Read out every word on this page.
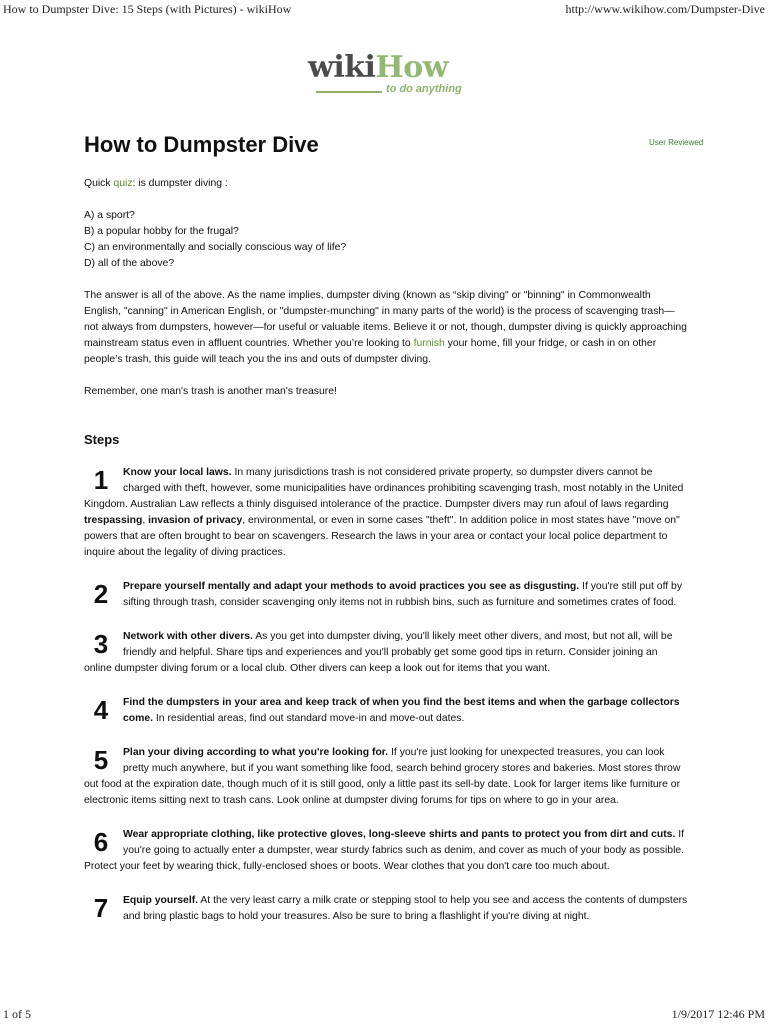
How to Dumpster Dive: 15 Steps (with Pictures) - wikiHow	http://www.wikihow.com/Dumpster-Dive
wikiHow
to do anything
How to Dumpster Dive	User Reviewed

Quick quiz: is dumpster diving :

A) a sport?

B) a popular hobby for the frugal?

C) an environmentally and socially conscious way of life?

D) all of the above?

The answer is all of the above. As the name implies, dumpster diving (known as “skip diving" or "binning" in Commonwealth English, "canning" in American English, or "dumpster-munching" in many parts of the world) is the process of scavenging trash—not always from dumpsters, however—for useful or valuable items. Believe it or not, though, dumpster diving is quickly approaching mainstream status even in affluent countries. Whether you’re looking to furnish your home, fill your fridge, or cash in on other people’s trash, this guide will teach you the ins and outs of dumpster diving.

Remember, one man's trash is another man's treasure!

Steps
1	Know your local laws. In many jurisdictions trash is not considered private property, so dumpster divers cannot be charged with theft, however, some municipalities have ordinances prohibiting scavenging trash, most notably in the United Kingdom. Australian Law reflects a thinly disguised intolerance of the practice. Dumpster divers may run afoul of laws regarding trespassing, invasion of privacy, environmental, or even in some cases "theft". In addition police in most states have "move on" powers that are often brought to bear on scavengers. Research the laws in your area or contact your local police department to inquire about the legality of diving practices.
2	Prepare yourself mentally and adapt your methods to avoid practices you see as disgusting. If you're still put off by sifting through trash, consider scavenging only items not in rubbish bins, such as furniture and sometimes crates of food.
3	Network with other divers. As you get into dumpster diving, you'll likely meet other divers, and most, but not all, will be friendly and helpful. Share tips and experiences and you'll probably get some good tips in return. Consider joining an online dumpster diving forum or a local club. Other divers can keep a look out for items that you want.
4	Find the dumpsters in your area and keep track of when you find the best items and when the garbage collectors come. In residential areas, find out standard move-in and move-out dates.
5	Plan your diving according to what you're looking for. If you're just looking for unexpected treasures, you can look pretty much anywhere, but if you want something like food, search behind grocery stores and bakeries. Most stores throw out food at the expiration date, though much of it is still good, only a little past its sell-by date. Look for larger items like furniture or electronic items sitting next to trash cans. Look online at dumpster diving forums for tips on where to go in your area.
6	Wear appropriate clothing, like protective gloves, long-sleeve shirts and pants to protect you from dirt and cuts. If you're going to actually enter a dumpster, wear sturdy fabrics such as denim, and cover as much of your body as possible. Protect your feet by wearing thick, fully-enclosed shoes or boots. Wear clothes that you don't care too much about.
7	Equip yourself. At the very least carry a milk crate or stepping stool to help you see and access the contents of dumpsters and bring plastic bags to hold your treasures. Also be sure to bring a flashlight if you're diving at night.
1 of 5	1/9/2017 12:46 PM
